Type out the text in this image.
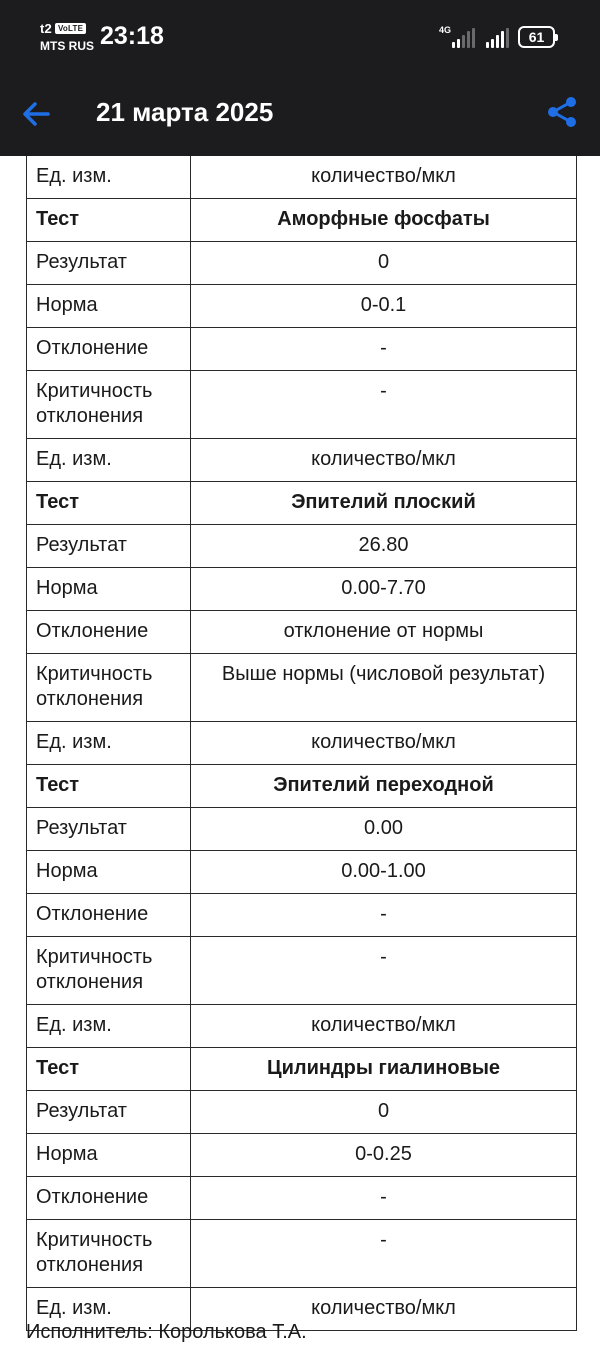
t2 VoLTE
MTS RUS 23:18	4G	61
21 марта 2025
Ед. изм.	количество/мкл
Тест	Аморфные фосфаты
Результат	0
Норма	0-0.1
Отклонение	-
Критичность отклонения	-
Ед. изм.	количество/мкл
Тест	Эпителий плоский
Результат	26.80
Норма	0.00-7.70
Отклонение	отклонение от нормы
Критичность отклонения	Выше нормы (числовой результат)
Ед. изм.	количество/мкл
Тест	Эпителий переходной
Результат	0.00
Норма	0.00-1.00
Отклонение	-
Критичность отклонения	-
Ед. изм.	количество/мкл
Тест	Цилиндры гиалиновые
Результат	0
Норма	0-0.25
Отклонение	-
Критичность отклонения	-
Ед. изм.	количество/мкл
Исполнитель: Королькова Т.А.
